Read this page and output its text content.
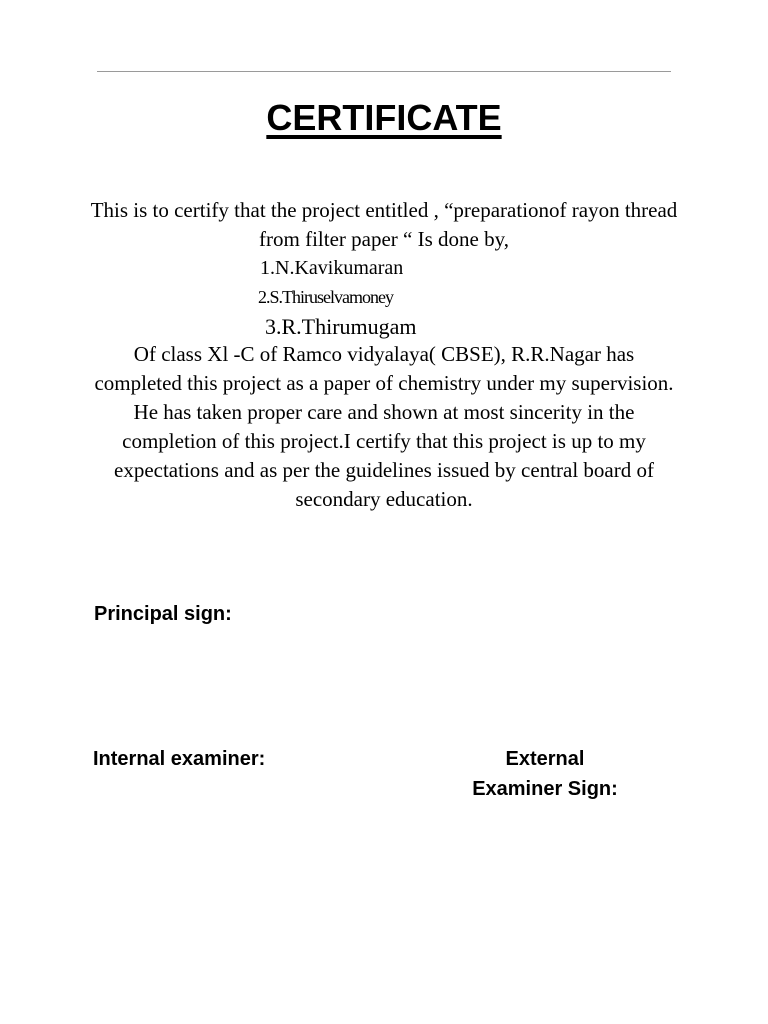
CERTIFICATE
This is to certify that the project entitled , “preparationof rayon thread from filter paper “ Is done by,
1.N.Kavikumaran
2.S.Thiruselvamoney
3.R.Thirumugam
Of class Xl -C of Ramco vidyalaya( CBSE), R.R.Nagar has completed this project as a paper of chemistry under my supervision. He has taken proper care and shown at most sincerity in the completion of this project.I certify that this project is up to my expectations and as per the guidelines issued by central board of secondary education.
Principal sign:
Internal examiner:	External
Examiner Sign:
